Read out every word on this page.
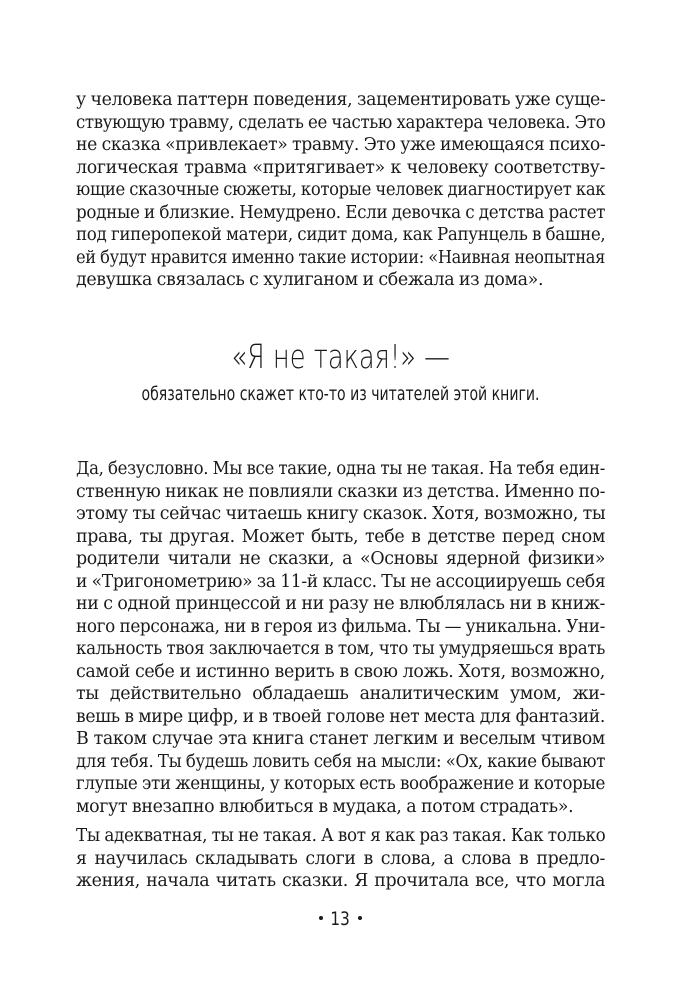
у человека паттерн поведения, зацементировать уже суще-
ствующую травму, сделать ее частью характера человека. Это
не сказка «привлекает» травму. Это уже имеющаяся психо-
логическая травма «притягивает» к человеку соответству-
ющие сказочные сюжеты, которые человек диагностирует как
родные и близкие. Немудрено. Если девочка с детства растет
под гиперопекой матери, сидит дома, как Рапунцель в башне,
ей будут нравится именно такие истории: «Наивная неопытная
девушка связалась с хулиганом и сбежала из дома».
«Я не такая!» —
обязательно скажет кто-то из читателей этой книги.
Да, безусловно. Мы все такие, одна ты не такая. На тебя един-
ственную никак не повлияли сказки из детства. Именно по-
этому ты сейчас читаешь книгу сказок. Хотя, возможно, ты
права, ты другая. Может быть, тебе в детстве перед сном
родители читали не сказки, а «Основы ядерной физики»
и «Тригонометрию» за 11-й класс. Ты не ассоциируешь себя
ни с одной принцессой и ни разу не влюблялась ни в книж-
ного персонажа, ни в героя из фильма. Ты — уникальна. Уни-
кальность твоя заключается в том, что ты умудряешься врать
самой себе и истинно верить в свою ложь. Хотя, возможно,
ты действительно обладаешь аналитическим умом, жи-
вешь в мире цифр, и в твоей голове нет места для фантазий.
В таком случае эта книга станет легким и веселым чтивом
для тебя. Ты будешь ловить себя на мысли: «Ох, какие бывают
глупые эти женщины, у которых есть воображение и которые
могут внезапно влюбиться в мудака, а потом страдать».
Ты адекватная, ты не такая. А вот я как раз такая. Как только
я научилась складывать слоги в слова, а слова в предло-
жения, начала читать сказки. Я прочитала все, что могла
13
